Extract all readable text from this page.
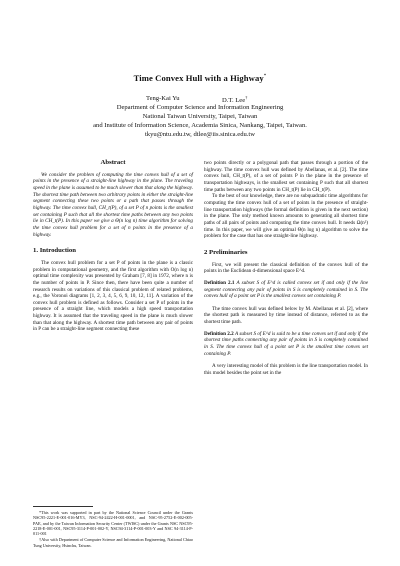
Time Convex Hull with a Highway*
Teng-Kai Yu	D.T. Lee†
Department of Computer Science and Information Engineering
National Taiwan University, Taipei, Taiwan
and Institute of Information Science, Academia Sinica, Nankang, Taipei, Taiwan.
tkyu@ntu.edu.tw, dtlee@iis.sinica.edu.tw
Abstract

We consider the problem of computing the time convex hull of a set of points in the presence of a straight-line highway in the plane. The traveling speed in the plane is assumed to be much slower than that along the highway. The shortest time path between two arbitrary points in either the straight-line segment connecting these two points or a path that passes through the highway. The time convex hull, CH_t(P), of a set P of n points is the smallest set containing P such that all the shortest time paths between any two points lie in CH_t(P). In this paper we give a Θ(n log n) time algorithm for solving the time convex hull problem for a set of n points in the presence of a highway.

1. Introduction

The convex hull problem for a set P of points in the plane is a classic problem in computational geometry, and the first algorithm with O(n log n) optimal time complexity was presented by Graham [7, 8] in 1972, where n is the number of points in P. Since then, there have been quite a number of research results on variations of this classical problem of related problems, e.g., the Voronoi diagrams [1, 2, 3, 4, 5, 6, 9, 10, 12, 11]. A variation of the convex hull problem is defined as follows. Consider a set P of points in the presence of a straight line, which models a high speed transportation highway. It is assumed that the traveling speed in the plane is much slower than that along the highway. A shortest time path between any pair of points in P can be a straight-line segment connecting these

*This work was supported in part by the National Science Council under the Grants NSC95-2221-E-001-016-MY3, NSC-94-2422-H-001-0001, and NSC-95-2752-E-002-005-PAE, and by the Taiwan Information Security Center (TWISC) under the Grants NSC NSC95-2218-E-001-001, NSC95-3114-P-001-002-Y, NSC94-3114-P-001-003-Y and NSC 94-3114-P-011-001

†Also with Department of Computer Science and Information Engineering, National Chiao Tung University, Hsinchu, Taiwan.

two points directly or a polygonal path that passes through a portion of the highway. The time convex hull was defined by Abellanas, et al. [2]. The time convex hull, CH_t(P), of a set of points P in the plane in the presence of transportation highways, is the smallest set containing P such that all shortest time paths between any two points in CH_t(P) lie in CH_t(P).

To the best of our knowledge, there are no subquadratic time algorithms for computing the time convex hull of a set of points in the presence of straight-line transportation highways (the formal definition is given in the next section) in the plane. The only method known amounts to generating all shortest time paths of all pairs of points and computing the time convex hull. It needs Ω(n²) time. In this paper, we will give an optimal Θ(n log n) algorithm to solve the problem for the case that has one straight-line highway.

2 Preliminaries

First, we will present the classical definition of the convex hull of the points in the Euclidean d-dimensional space E^d.

Definition 2.1 A subset S of E^d is called convex set if and only if the line segment connecting any pair of points in S is completely contained in S. The convex hull of a point set P is the smallest convex set containing P.

The time convex hull was defined below by M. Abellanas et al. [2], where the shortest path is measured by time instead of distance, referred to as the shortest time path.

Definition 2.2 A subset S of E^d is said to be a time convex set if and only if the shortest time paths connecting any pair of points in S is completely contained in S. The time convex hull of a point set P is the smallest time convex set containing P.

A very interesting model of this problem is the line transportation model. In this model besides the point set in the
